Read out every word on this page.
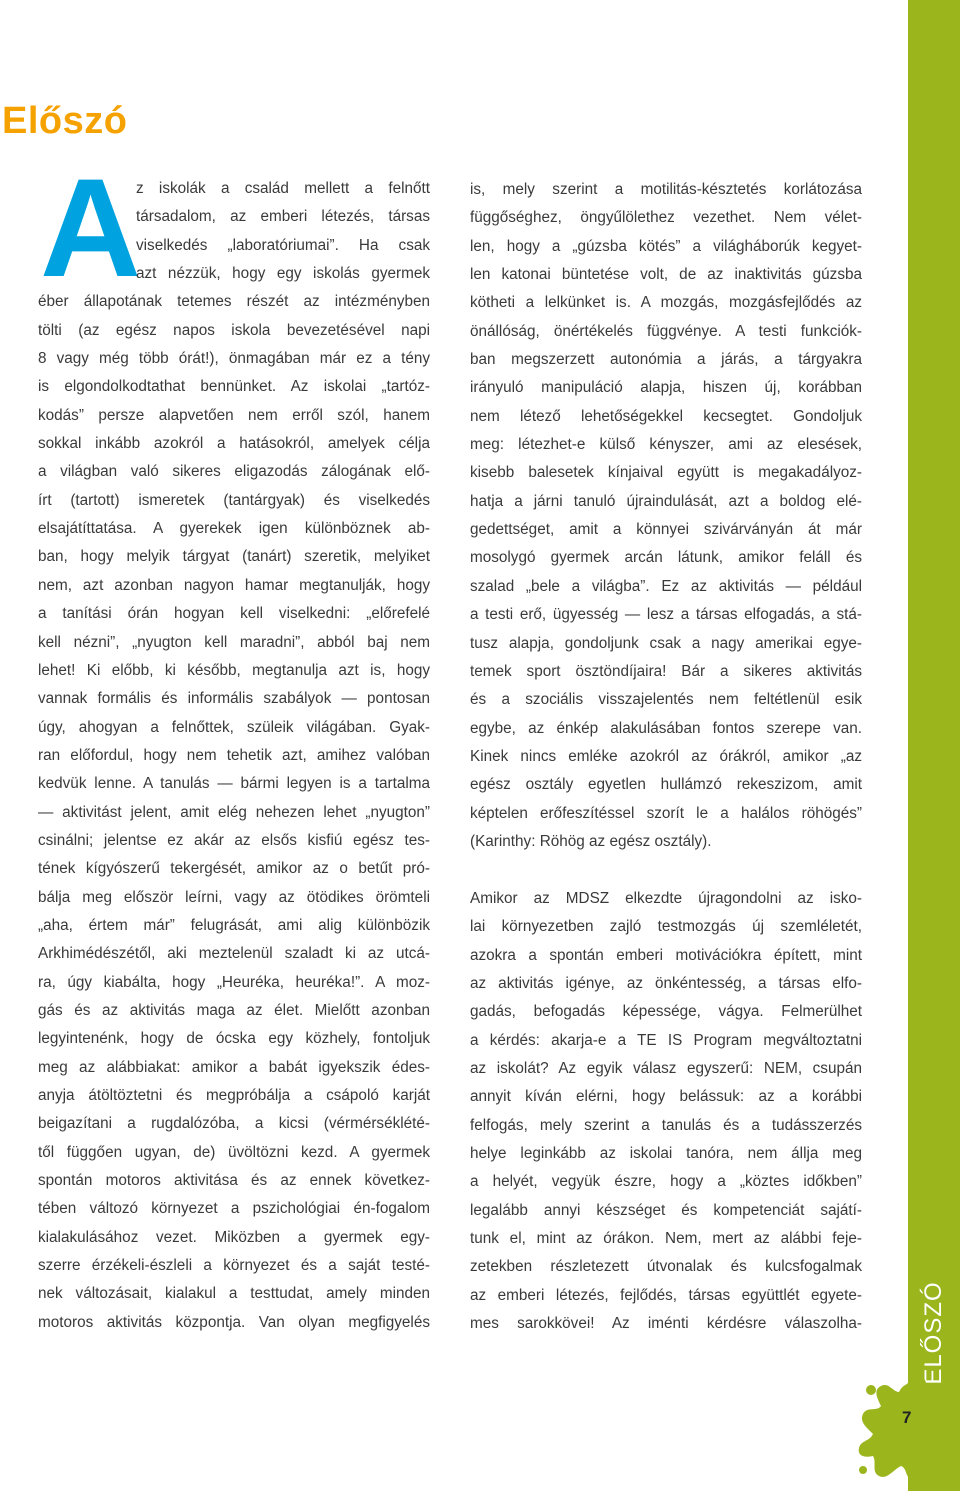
Előszó
A
z iskolák a család mellett a felnőtt
társadalom, az emberi létezés, társas
viselkedés „laboratóriumai”. Ha csak
azt nézzük, hogy egy iskolás gyermek
éber állapotának tetemes részét az intézményben
tölti (az egész napos iskola bevezetésével napi
8 vagy még több órát!), önmagában már ez a tény
is elgondolkodtathat bennünket. Az iskolai „tartóz-
kodás” persze alapvetően nem erről szól, hanem
sokkal inkább azokról a hatásokról, amelyek célja
a világban való sikeres eligazodás zálogának elő-
írt (tartott) ismeretek (tantárgyak) és viselkedés
elsajátíttatása. A gyerekek igen különböznek ab-
ban, hogy melyik tárgyat (tanárt) szeretik, melyiket
nem, azt azonban nagyon hamar megtanulják, hogy
a tanítási órán hogyan kell viselkedni: „előrefelé
kell nézni”, „nyugton kell maradni”, abból baj nem
lehet! Ki előbb, ki később, megtanulja azt is, hogy
vannak formális és informális szabályok — pontosan
úgy, ahogyan a felnőttek, szüleik világában. Gyak-
ran előfordul, hogy nem tehetik azt, amihez valóban
kedvük lenne. A tanulás — bármi legyen is a tartalma
— aktivitást jelent, amit elég nehezen lehet „nyugton”
csinálni; jelentse ez akár az elsős kisfiú egész tes-
tének kígyószerű tekergését, amikor az o betűt pró-
bálja meg először leírni, vagy az ötödikes örömteli
„aha, értem már” felugrását, ami alig különbözik
Arkhimédészétől, aki meztelenül szaladt ki az utcá-
ra, úgy kiabálta, hogy „Heuréka, heuréka!”. A moz-
gás és az aktivitás maga az élet. Mielőtt azonban
legyintenénk, hogy de ócska egy közhely, fontoljuk
meg az alábbiakat: amikor a babát igyekszik édes-
anyja átöltöztetni és megpróbálja a csápoló karját
beigazítani a rugdalózóba, a kicsi (vérmérséklété-
től függően ugyan, de) üvöltözni kezd. A gyermek
spontán motoros aktivitása és az ennek következ-
tében változó környezet a pszichológiai én-fogalom
kialakulásához vezet. Miközben a gyermek egy-
szerre érzékeli-észleli a környezet és a saját testé-
nek változásait, kialakul a testtudat, amely minden
motoros aktivitás központja. Van olyan megfigyelés
is, mely szerint a motilitás-késztetés korlátozása
függőséghez, öngyűlölethez vezethet. Nem vélet-
len, hogy a „gúzsba kötés” a világháborúk kegyet-
len katonai büntetése volt, de az inaktivitás gúzsba
kötheti a lelkünket is. A mozgás, mozgásfejlődés az
önállóság, önértékelés függvénye. A testi funkciók-
ban megszerzett autonómia a járás, a tárgyakra
irányuló manipuláció alapja, hiszen új, korábban
nem létező lehetőségekkel kecsegtet. Gondoljuk
meg: létezhet-e külső kényszer, ami az elesések,
kisebb balesetek kínjaival együtt is megakadályoz-
hatja a járni tanuló újraindulását, azt a boldog elé-
gedettséget, amit a könnyei szivárványán át már
mosolygó gyermek arcán látunk, amikor feláll és
szalad „bele a világba”. Ez az aktivitás — például
a testi erő, ügyesség — lesz a társas elfogadás, a stá-
tusz alapja, gondoljunk csak a nagy amerikai egye-
temek sport ösztöndíjaira! Bár a sikeres aktivitás
és a szociális visszajelentés nem feltétlenül esik
egybe, az énkép alakulásában fontos szerepe van.
Kinek nincs emléke azokról az órákról, amikor „az
egész osztály egyetlen hullámzó rekeszizom, amit
képtelen erőfeszítéssel szorít le a halálos röhögés”
(Karinthy: Röhög az egész osztály).
Amikor az MDSZ elkezdte újragondolni az isko-
lai környezetben zajló testmozgás új szemléletét,
azokra a spontán emberi motivációkra épített, mint
az aktivitás igénye, az önkéntesség, a társas elfo-
gadás, befogadás képessége, vágya. Felmerülhet
a kérdés: akarja-e a TE IS Program megváltoztatni
az iskolát? Az egyik válasz egyszerű: NEM, csupán
annyit kíván elérni, hogy belássuk: az a korábbi
felfogás, mely szerint a tanulás és a tudásszerzés
helye leginkább az iskolai tanóra, nem állja meg
a helyét, vegyük észre, hogy a „köztes időkben”
legalább annyi készséget és kompetenciát sajátí-
tunk el, mint az órákon. Nem, mert az alábbi feje-
zetekben részletezett útvonalak és kulcsfogalmak
az emberi létezés, fejlődés, társas együttlét egyete-
mes sarokkövei! Az iménti kérdésre válaszolha- ELŐSZÓ
7
